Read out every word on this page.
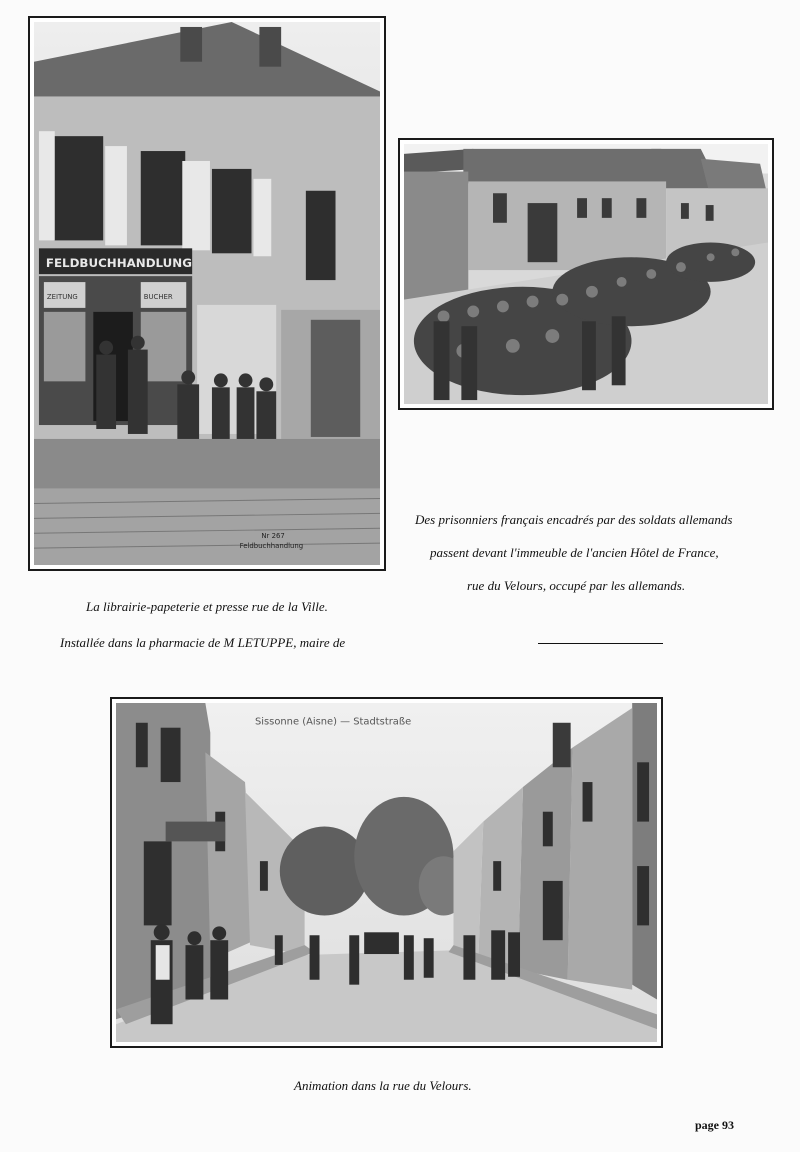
FELDBUCHHANDLUNG
ZEITUNG	BUCHER
Nr 267
Feldbuchhandlung
Sissonne (Aisne) — Stadtstraße

La librairie-papeterie et presse rue de la Ville.

Installée dans la pharmacie de M LETUPPE, maire de

Des prisonniers français encadrés par des soldats allemands

passent devant l'immeuble de l'ancien Hôtel de France,

rue du Velours, occupé par les allemands.

Animation dans la rue du Velours.

page 93
